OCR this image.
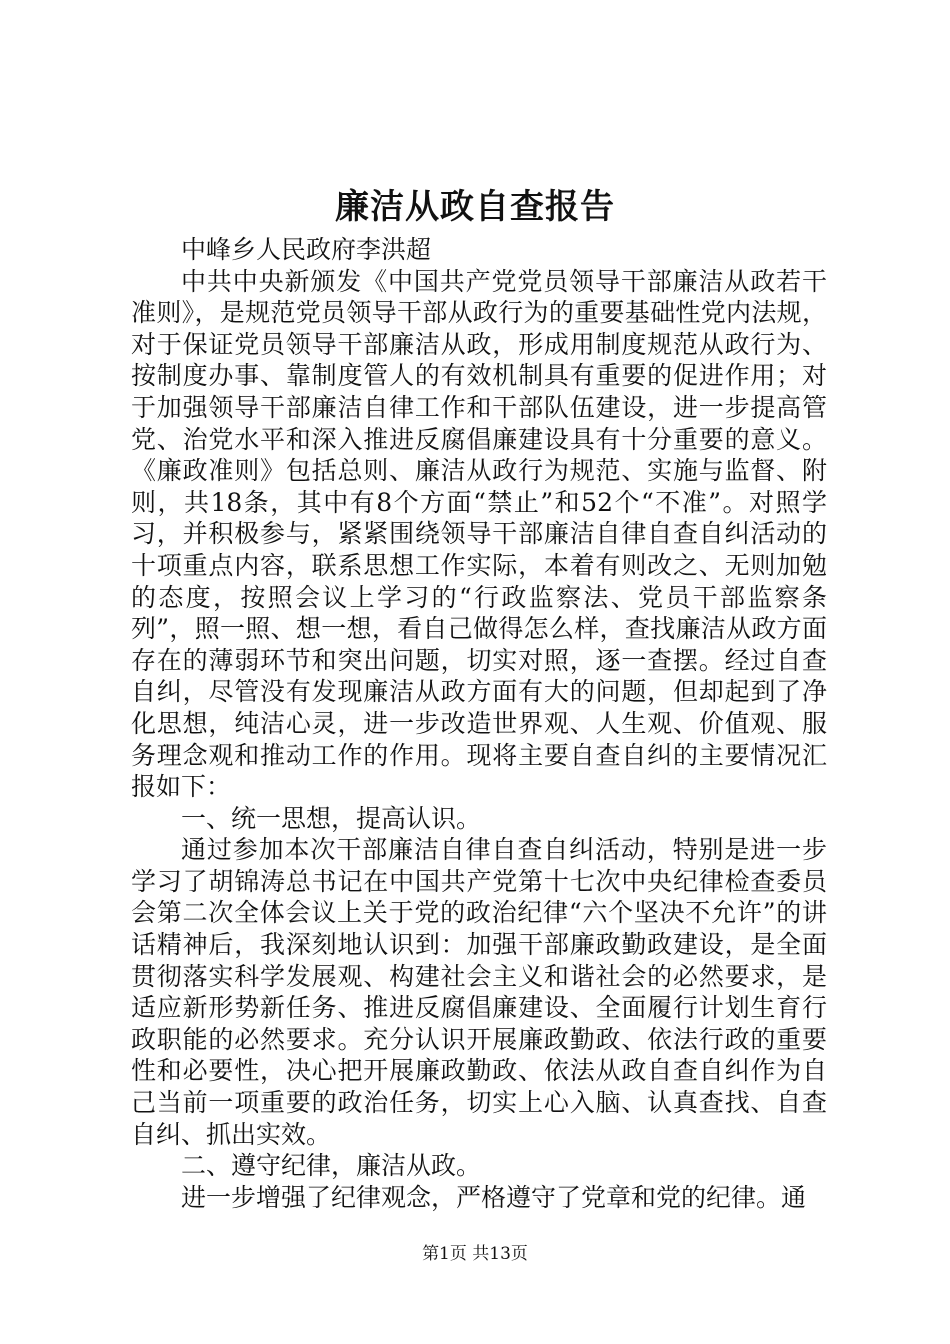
廉洁从政自查报告

中峰乡人民政府李洪超

中共中央新颁发《中国共产党党员领导干部廉洁从政若干准则》，是规范党员领导干部从政行为的重要基础性党内法规，对于保证党员领导干部廉洁从政，形成用制度规范从政行为、按制度办事、靠制度管人的有效机制具有重要的促进作用；对于加强领导干部廉洁自律工作和干部队伍建设，进一步提高管党、治党水平和深入推进反腐倡廉建设具有十分重要的意义。《廉政准则》包括总则、廉洁从政行为规范、实施与监督、附则，共18条，其中有8个方面“禁止”和52个“不准”。对照学习，并积极参与，紧紧围绕领导干部廉洁自律自查自纠活动的十项重点内容，联系思想工作实际，本着有则改之、无则加勉的态度，按照会议上学习的“行政监察法、党员干部监察条列”，照一照、想一想，看自己做得怎么样，查找廉洁从政方面存在的薄弱环节和突出问题，切实对照，逐一查摆。经过自查自纠，尽管没有发现廉洁从政方面有大的问题，但却起到了净化思想，纯洁心灵，进一步改造世界观、人生观、价值观、服务理念观和推动工作的作用。现将主要自查自纠的主要情况汇报如下：

一、统一思想，提高认识。

通过参加本次干部廉洁自律自查自纠活动，特别是进一步学习了胡锦涛总书记在中国共产党第十七次中央纪律检查委员会第二次全体会议上关于党的政治纪律“六个坚决不允许”的讲话精神后，我深刻地认识到：加强干部廉政勤政建设，是全面贯彻落实科学发展观、构建社会主义和谐社会的必然要求，是适应新形势新任务、推进反腐倡廉建设、全面履行计划生育行政职能的必然要求。充分认识开展廉政勤政、依法行政的重要性和必要性，决心把开展廉政勤政、依法从政自查自纠作为自己当前一项重要的政治任务，切实上心入脑、认真查找、自查自纠、抓出实效。

二、遵守纪律，廉洁从政。

进一步增强了纪律观念，严格遵守了党章和党的纪律。通

第1页 共13页
